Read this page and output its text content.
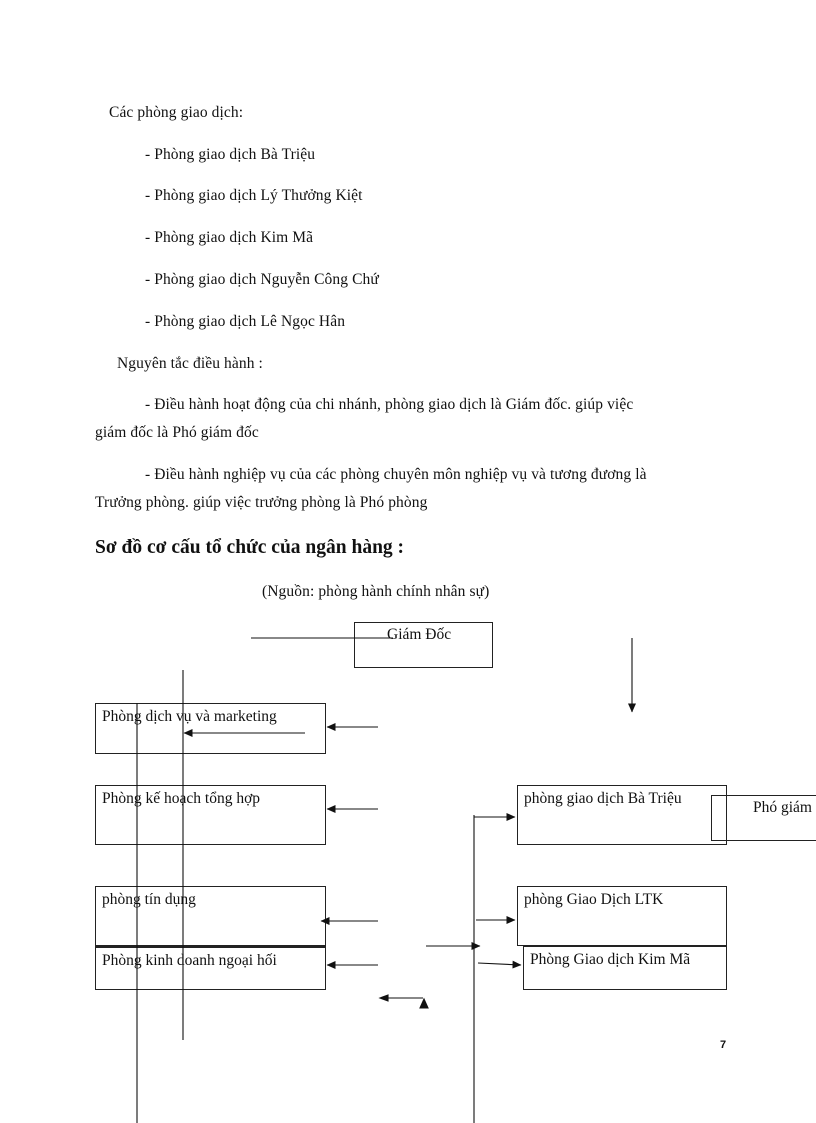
Các phòng giao dịch:
- Phòng giao dịch Bà Triệu
- Phòng giao dịch Lý Thưởng Kiệt
- Phòng giao dịch Kim Mã
- Phòng giao dịch Nguyễn Công Chứ
- Phòng giao dịch Lê Ngọc Hân
Nguyên tắc điều hành :
- Điều hành hoạt động của chi nhánh, phòng giao dịch là Giám đốc. giúp việc
giám đốc là Phó giám đốc
- Điều hành nghiệp vụ của các phòng chuyên môn nghiệp vụ và tương đương là
Trưởng phòng. giúp việc trưởng phòng là Phó phòng
Sơ đồ cơ cấu tổ chức của ngân hàng :
(Nguồn: phòng hành chính nhân sự)
Giám Đốc
Phòng dịch vụ và marketing
Phòng kế hoạch tổng hợp
phòng tín dụng
Phòng kinh doanh ngoại hối
phòng giao dịch Bà Triệu
phòng Giao Dịch LTK
Phòng Giao dịch Kim Mã
Phó giám
7
